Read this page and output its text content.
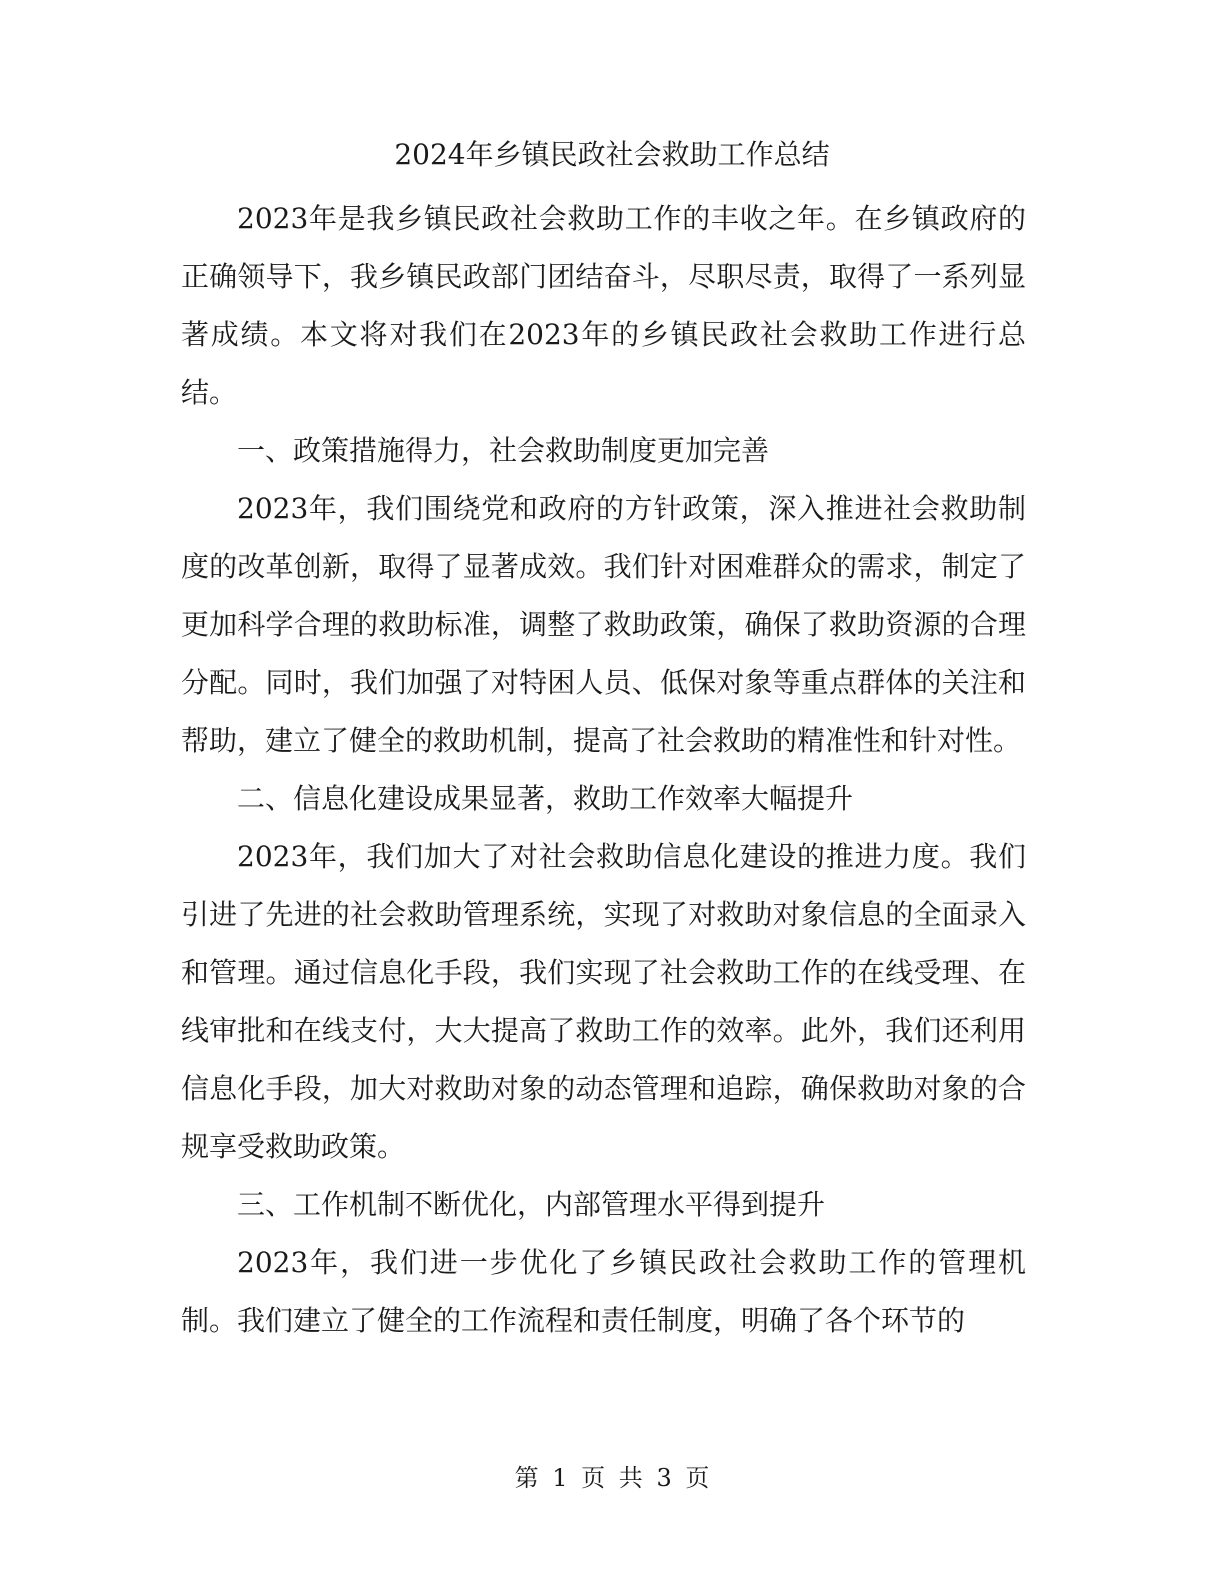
2024年乡镇民政社会救助工作总结

2023年是我乡镇民政社会救助工作的丰收之年。在乡镇政府的正确领导下，我乡镇民政部门团结奋斗，尽职尽责，取得了一系列显著成绩。本文将对我们在2023年的乡镇民政社会救助工作进行总结。

一、政策措施得力，社会救助制度更加完善

2023年，我们围绕党和政府的方针政策，深入推进社会救助制度的改革创新，取得了显著成效。我们针对困难群众的需求，制定了更加科学合理的救助标准，调整了救助政策，确保了救助资源的合理分配。同时，我们加强了对特困人员、低保对象等重点群体的关注和帮助，建立了健全的救助机制，提高了社会救助的精准性和针对性。

二、信息化建设成果显著，救助工作效率大幅提升

2023年，我们加大了对社会救助信息化建设的推进力度。我们引进了先进的社会救助管理系统，实现了对救助对象信息的全面录入和管理。通过信息化手段，我们实现了社会救助工作的在线受理、在线审批和在线支付，大大提高了救助工作的效率。此外，我们还利用信息化手段，加大对救助对象的动态管理和追踪，确保救助对象的合规享受救助政策。

三、工作机制不断优化，内部管理水平得到提升

2023年，我们进一步优化了乡镇民政社会救助工作的管理机制。我们建立了健全的工作流程和责任制度，明确了各个环节的

第 1 页 共 3 页
